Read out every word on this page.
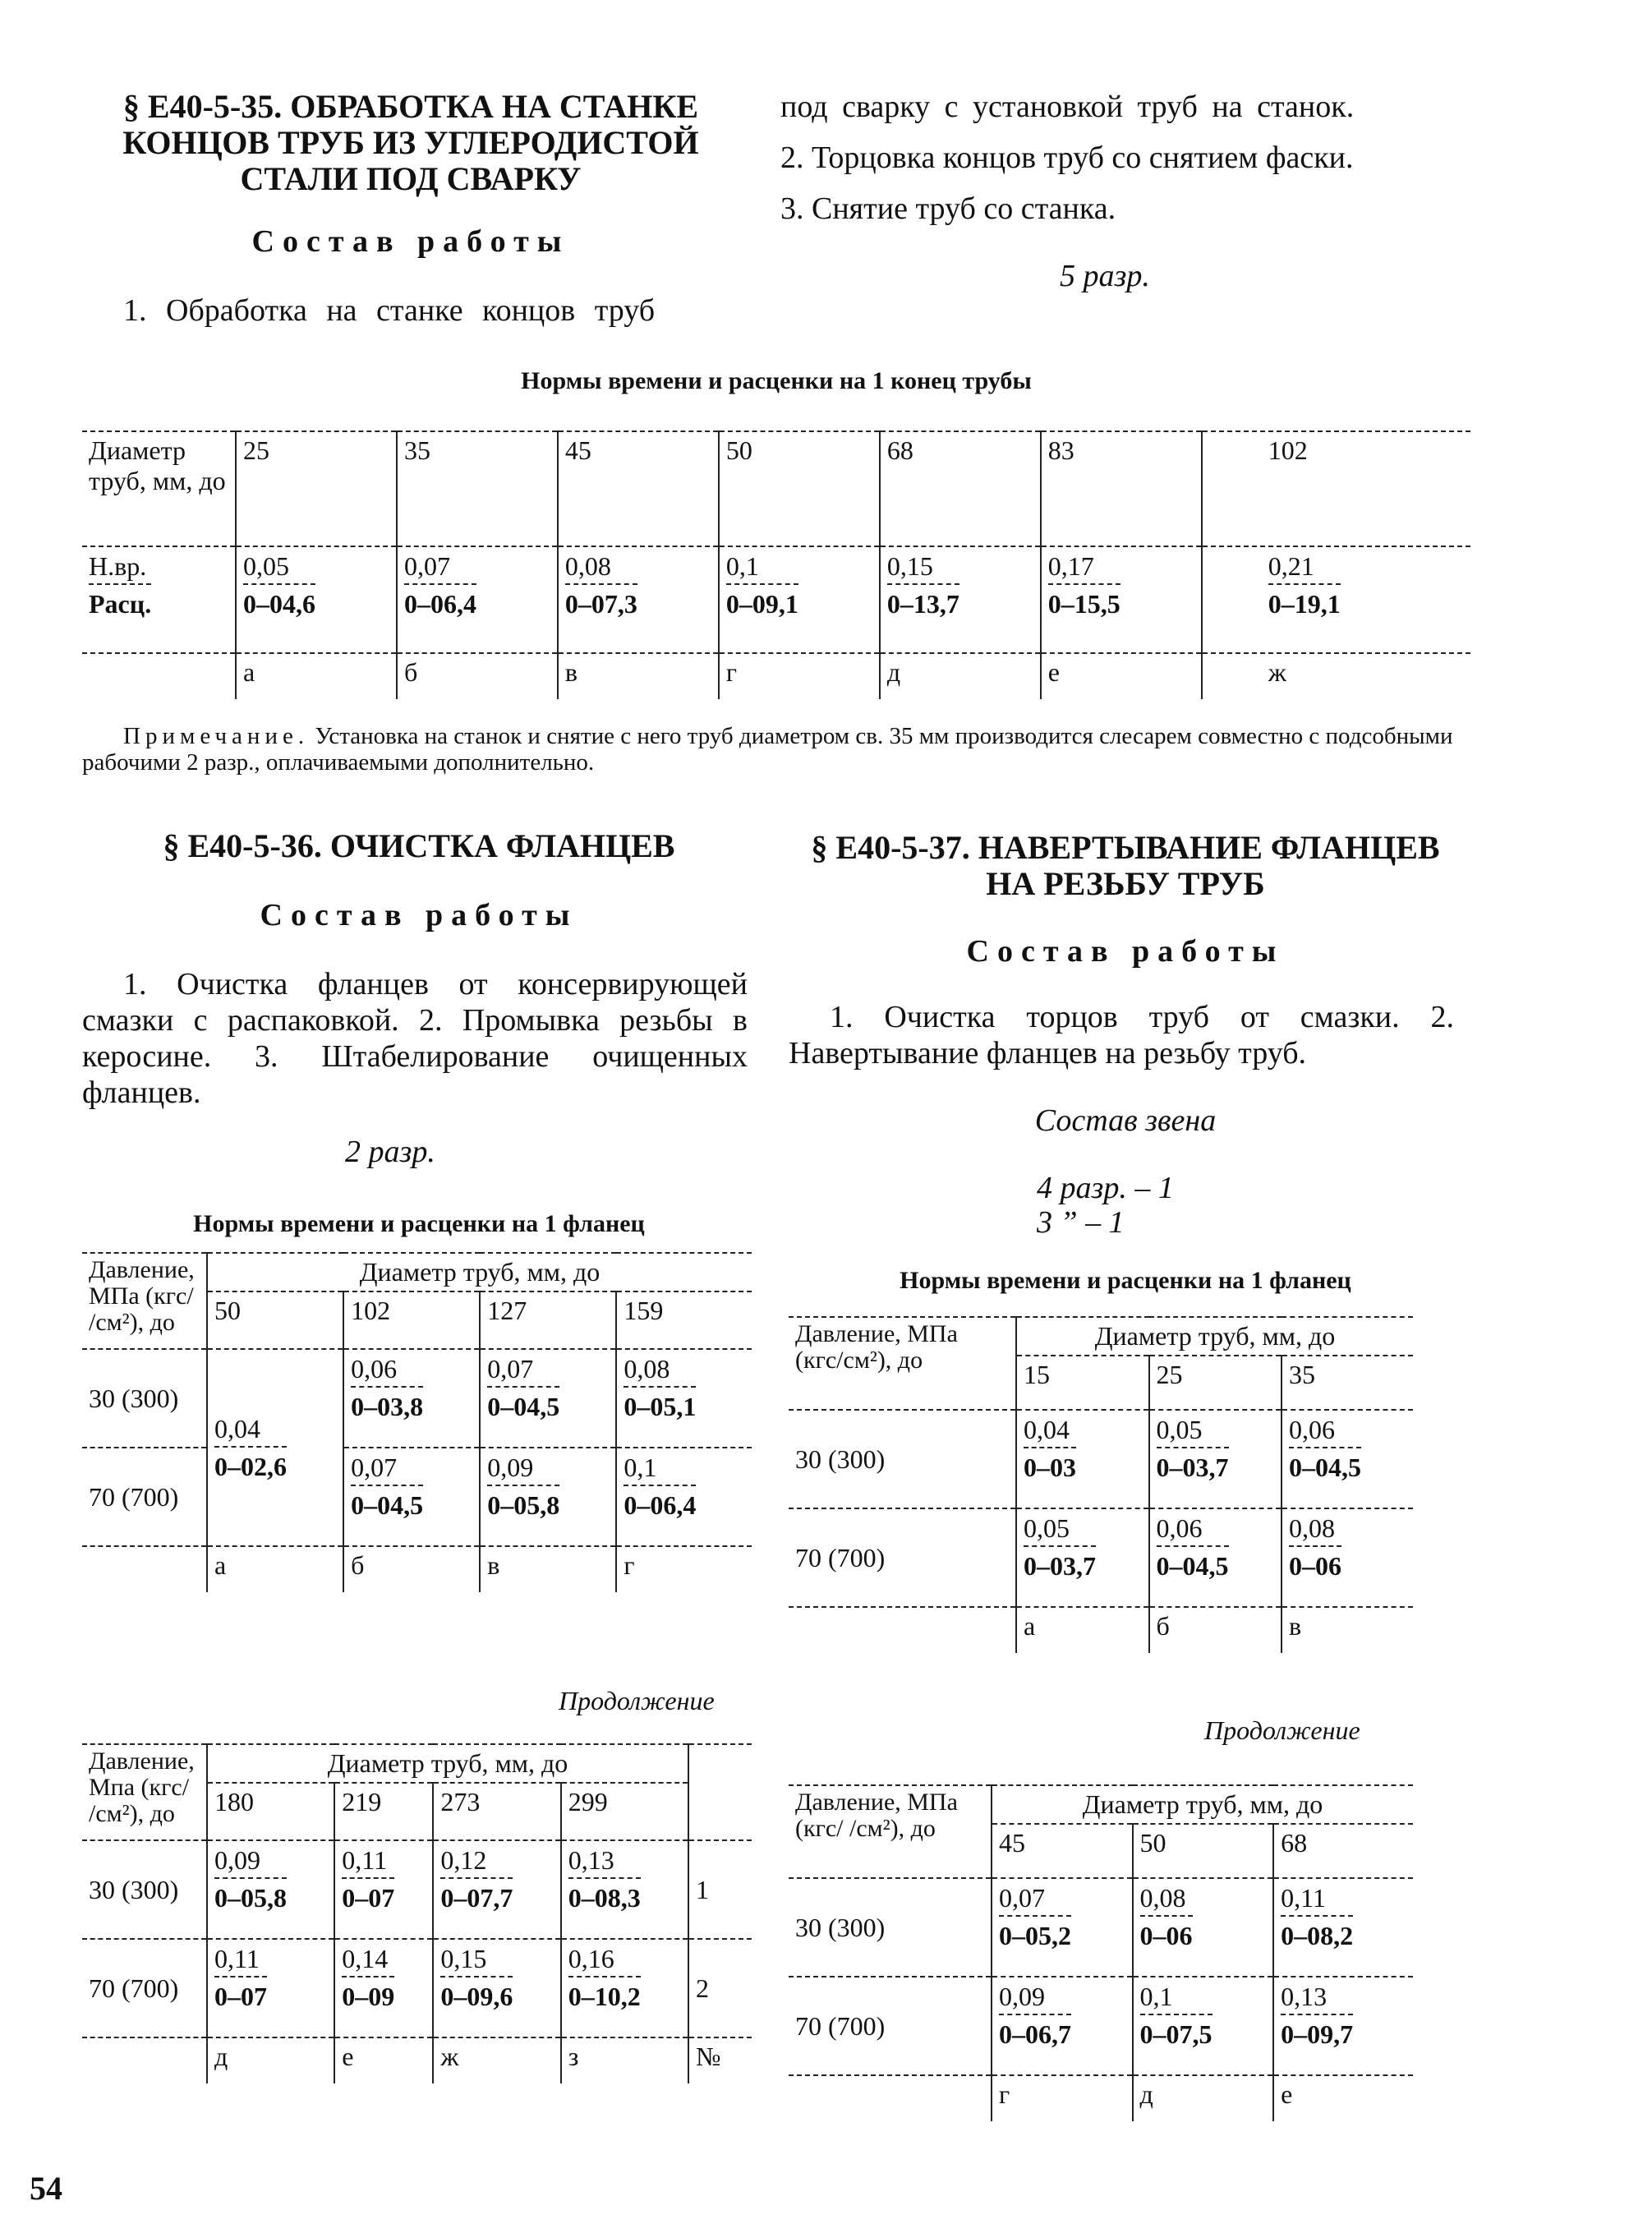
§ Е40-5-35. ОБРАБОТКА НА СТАНКЕ КОНЦОВ ТРУБ ИЗ УГЛЕРОДИСТОЙ СТАЛИ ПОД СВАРКУ
Состав работы
1. Обработка на станке концов труб
под сварку с установкой труб на станок.
2. Торцовка концов труб со снятием фаски.
3. Снятие труб со станка.
5 разр.
Нормы времени и расценки на 1 конец трубы
Диаметр труб, мм, до	25	35	45	50	68	83	102

$\frac{Н.вр.}{\text{Расц.}}$	$\frac{0,05}{0-04,6}$	$\frac{0,07}{0-06,4}$	$\frac{0,08}{0-07,3}$	$\frac{0,1}{0-09,1}$	$\frac{0,15}{0-13,7}$	$\frac{0,17}{0-15,5}$	$\frac{0,21}{0-19,1}$

	а	б	в	г	д	е	ж
Примечание. Установка на станок и снятие с него труб диаметром св. 35 мм производится слесарем совместно с подсобными рабочими 2 разр., оплачиваемыми дополнительно.
§ Е40-5-36. ОЧИСТКА ФЛАНЦЕВ
Состав работы
1. Очистка фланцев от консервирующей смазки с распаковкой. 2. Промывка резьбы в керосине. 3. Штабелирование очищенных фланцев.
2 разр.
Нормы времени и расценки на 1 фланец
Давление, МПа (кгс/ /см²), до	Диаметр труб, мм, до			
	50	102	127	159
30 (300)	$\frac{0,04}{0-02,6}$	$\frac{0,06}{0-03,8}$	$\frac{0,07}{0-04,5}$	$\frac{0,08}{0-05,1}$

70 (700)		$\frac{0,07}{0-04,5}$	$\frac{0,09}{0-05,8}$	$\frac{0,1}{0-06,4}$

	а	б	в	г
Продолжение
Давление, Мпа (кгс/ /см²), до	Диаметр труб, мм, до				
	180	219	273	299	
30 (300)	$\frac{0,09}{0-05,8}$	$\frac{0,11}{0-07}$	$\frac{0,12}{0-07,7}$	$\frac{0,13}{0-08,3}$	1
70 (700)	$\frac{0,11}{0-07}$	$\frac{0,14}{0-09}$	$\frac{0,15}{0-09,6}$	$\frac{0,16}{0-10,2}$	2
	д	е	ж	з	№
§ Е40-5-37. НАВЕРТЫВАНИЕ ФЛАНЦЕВ НА РЕЗЬБУ ТРУБ
Состав работы
1. Очистка торцов труб от смазки. 2. Навертывание фланцев на резьбу труб.
Состав звена
4 разр. – 1
3 ” – 1
Нормы времени и расценки на 1 фланец
Давление, МПа (кгс/см²), до	Диаметр труб, мм, до		
	15	25	35
30 (300)	$\frac{0,04}{0-03}$	$\frac{0,05}{0-03,7}$	$\frac{0,06}{0-04,5}$

70 (700)	$\frac{0,05}{0-03,7}$	$\frac{0,06}{0-04,5}$	$\frac{0,08}{0-06}$

	а	б	в
Продолжение
Давление, МПа (кгс/ /см²), до	Диаметр труб, мм, до		
	45	50	68
30 (300)	$\frac{0,07}{0-05,2}$	$\frac{0,08}{0-06}$	$\frac{0,11}{0-08,2}$

70 (700)	$\frac{0,09}{0-06,7}$	$\frac{0,1}{0-07,5}$	$\frac{0,13}{0-09,7}$

	г	д	е
54
